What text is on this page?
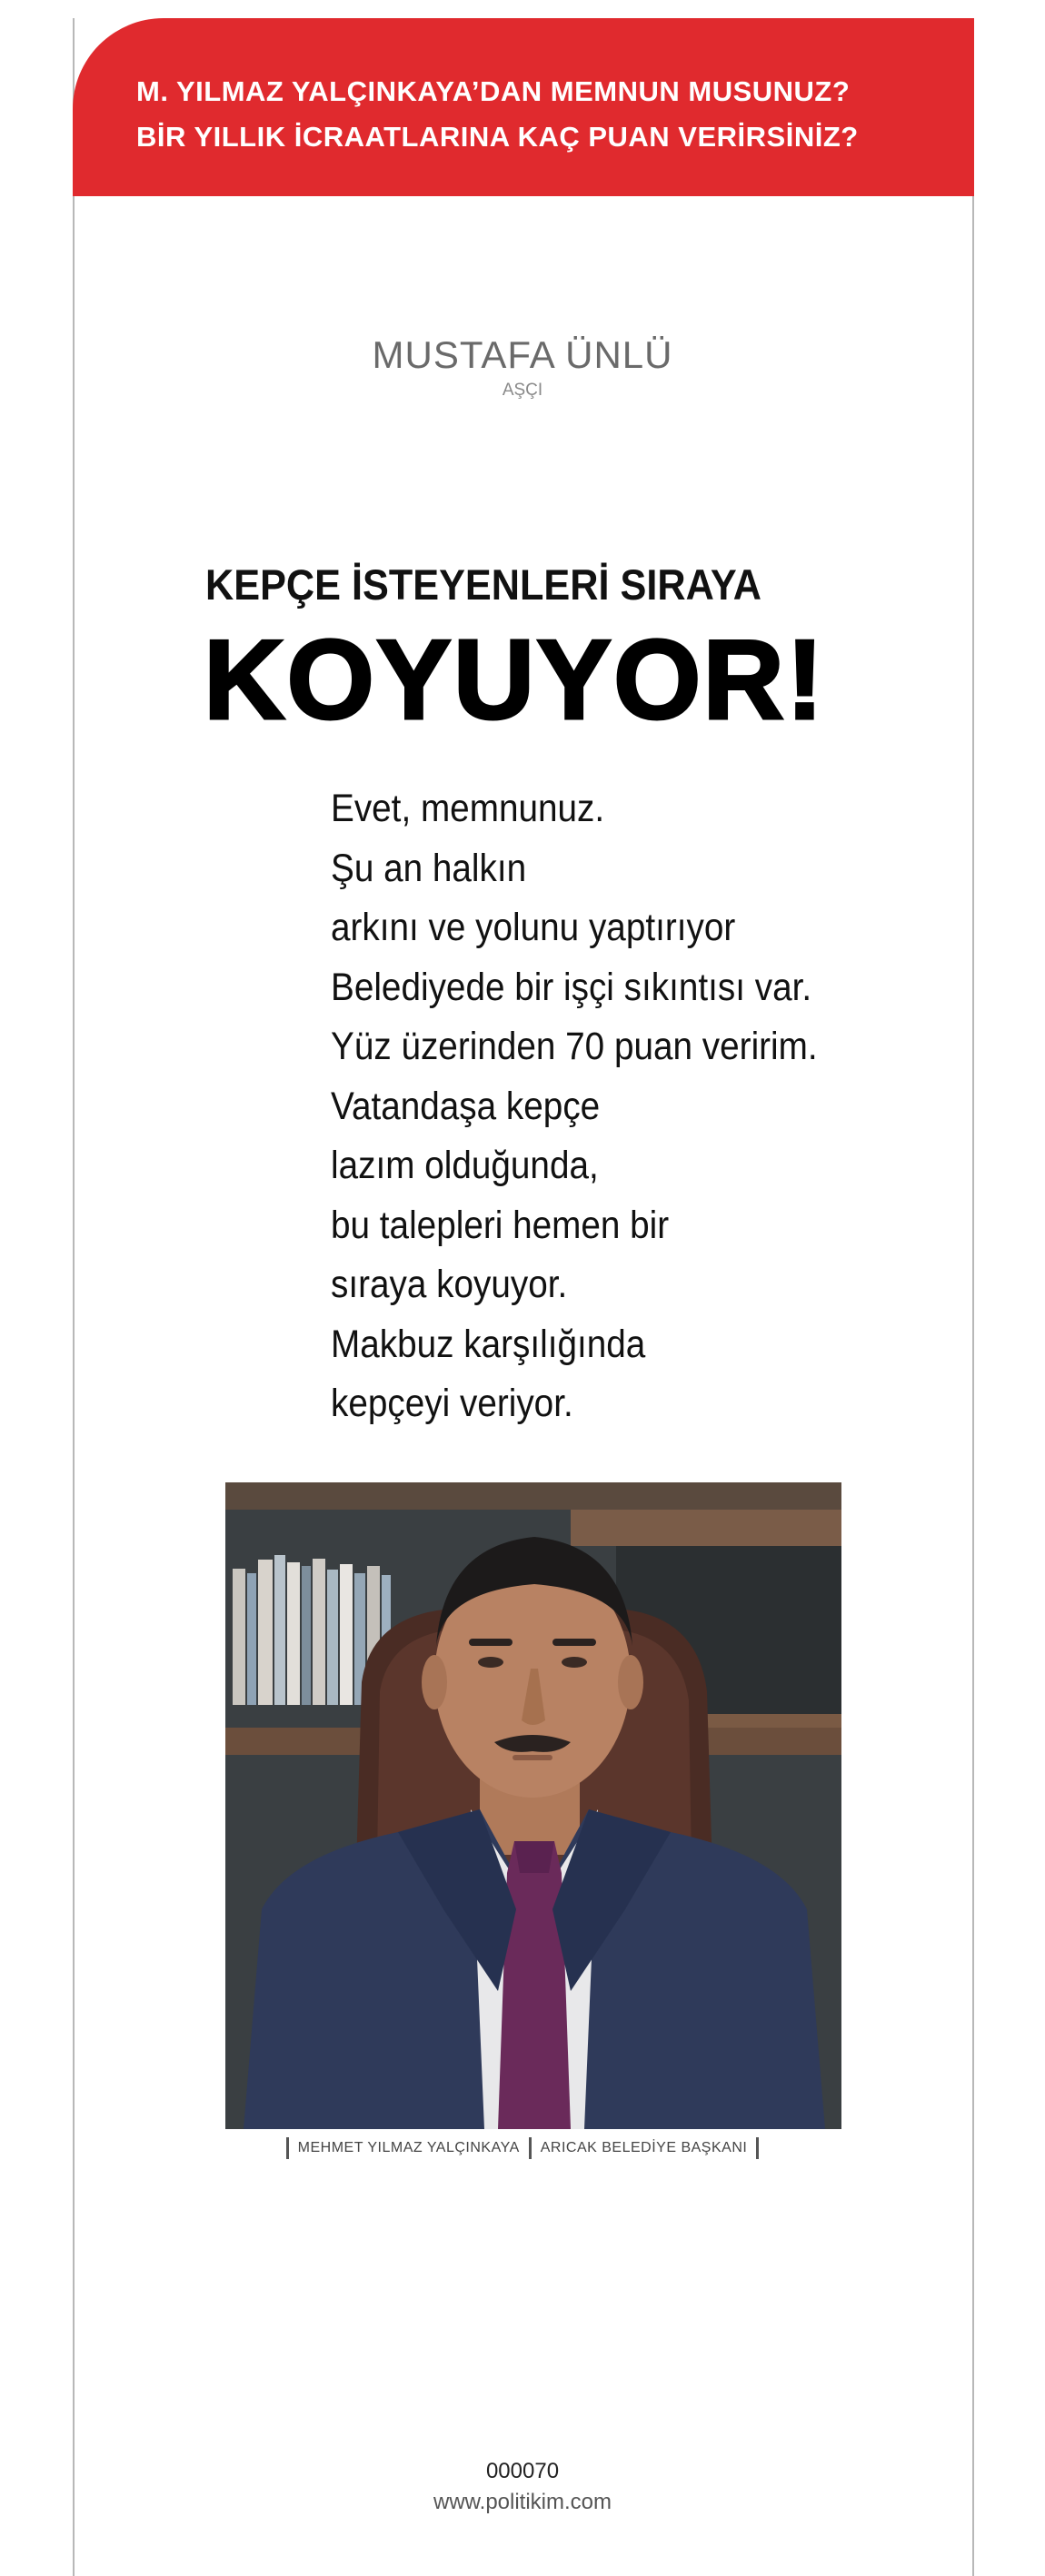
M. YILMAZ YALÇINKAYA’DAN MEMNUN MUSUNUZ?
BİR YILLIK İCRAATLARINA KAÇ PUAN VERİRSİNİZ?
MUSTAFA ÜNLÜ
AŞÇI
KEPÇE İSTEYENLERİ SIRAYA
KOYUYOR!
Evet, memnunuz.
Şu an halkın
arkını ve yolunu yaptırıyor
Belediyede bir işçi sıkıntısı var.
Yüz üzerinden 70 puan veririm.
Vatandaşa kepçe
lazım olduğunda,
bu talepleri hemen bir
sıraya koyuyor.
Makbuz karşılığında
kepçeyi veriyor.
MEHMET YILMAZ YALÇINKAYA ARICAK BELEDİYE BAŞKANI
000070
www.politikim.com
